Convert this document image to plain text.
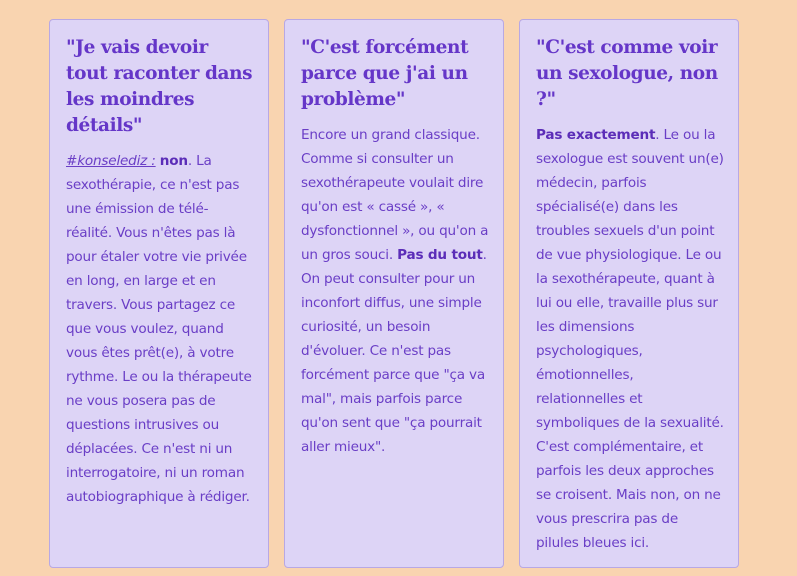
"Je vais devoir tout raconter dans les moindres détails"

#konselediz : non. La sexothérapie, ce n'est pas une émission de télé-réalité. Vous n'êtes pas là pour étaler votre vie privée en long, en large et en travers. Vous partagez ce que vous voulez, quand vous êtes prêt(e), à votre rythme. Le ou la thérapeute ne vous posera pas de questions intrusives ou déplacées. Ce n'est ni un interrogatoire, ni un roman autobiographique à rédiger.

"C'est forcément parce que j'ai un problème"

Encore un grand classique. Comme si consulter un sexothérapeute voulait dire qu'on est « cassé », « dysfonctionnel », ou qu'on a un gros souci. Pas du tout. On peut consulter pour un inconfort diffus, une simple curiosité, un besoin d'évoluer. Ce n'est pas forcément parce que "ça va mal", mais parfois parce qu'on sent que "ça pourrait aller mieux".

"C'est comme voir un sexologue, non ?"

Pas exactement. Le ou la sexologue est souvent un(e) médecin, parfois spécialisé(e) dans les troubles sexuels d'un point de vue physiologique. Le ou la sexothérapeute, quant à lui ou elle, travaille plus sur les dimensions psychologiques, émotionnelles, relationnelles et symboliques de la sexualité. C'est complémentaire, et parfois les deux approches se croisent. Mais non, on ne vous prescrira pas de pilules bleues ici.
